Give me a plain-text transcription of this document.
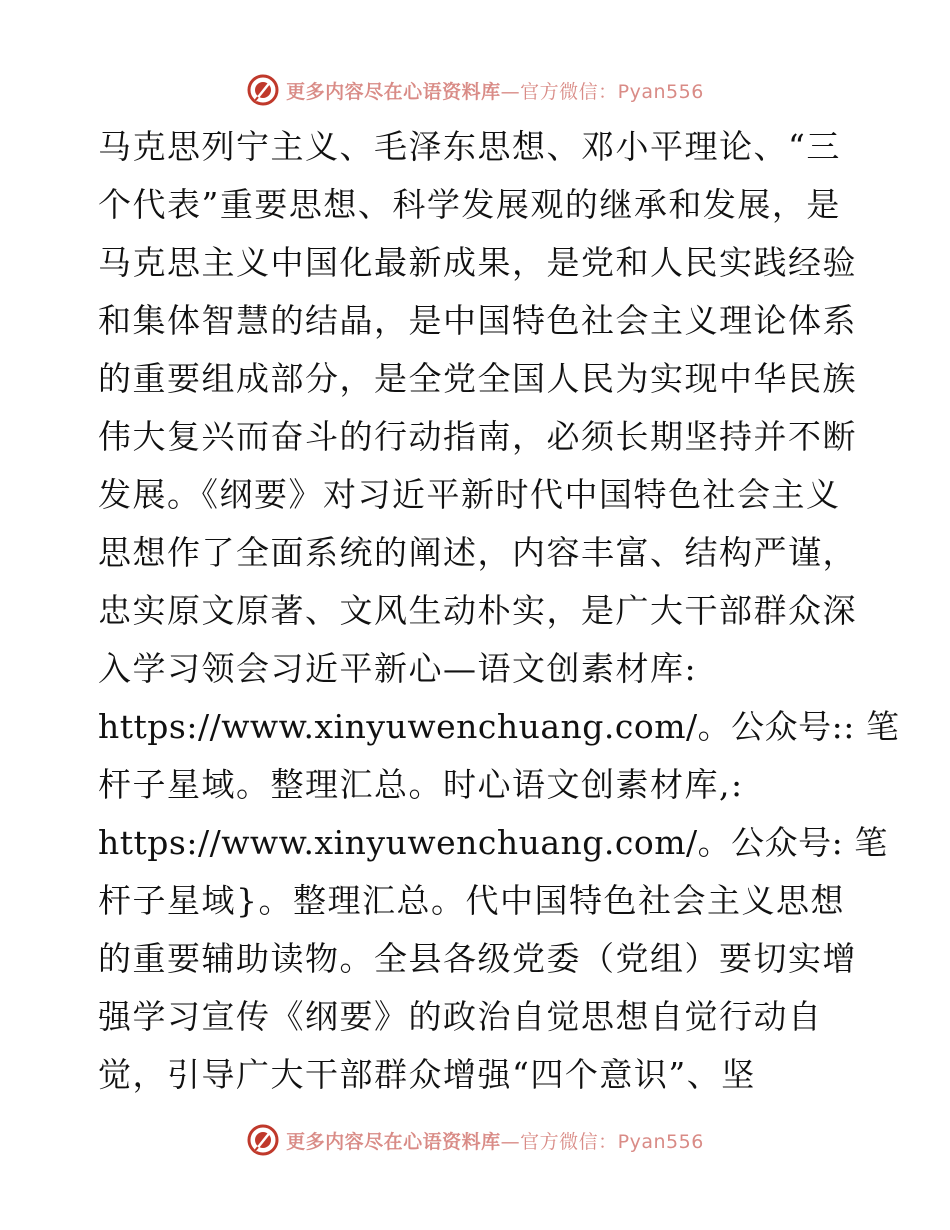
更多内容尽在心语资料库—官方微信：Pyan556
马克思列宁主义、毛泽东思想、邓小平理论、“三
个代表”重要思想、科学发展观的继承和发展，是
马克思主义中国化最新成果，是党和人民实践经验
和集体智慧的结晶，是中国特色社会主义理论体系
的重要组成部分，是全党全国人民为实现中华民族
伟大复兴而奋斗的行动指南，必须长期坚持并不断
发展。《纲要》对习近平新时代中国特色社会主义
思想作了全面系统的阐述，内容丰富、结构严谨，
忠实原文原著、文风生动朴实，是广大干部群众深
入学习领会习近平新心—语文创素材库:
https://www.xinyuwenchuang.com/。公众号:: 笔
杆子星域。整理汇总。时心语文创素材库,:
https://www.xinyuwenchuang.com/。公众号: 笔
杆子星域}。整理汇总。代中国特色社会主义思想
的重要辅助读物。全县各级党委（党组）要切实增
强学习宣传《纲要》的政治自觉思想自觉行动自
觉，引导广大干部群众增强“四个意识”、坚
更多内容尽在心语资料库—官方微信：Pyan556
